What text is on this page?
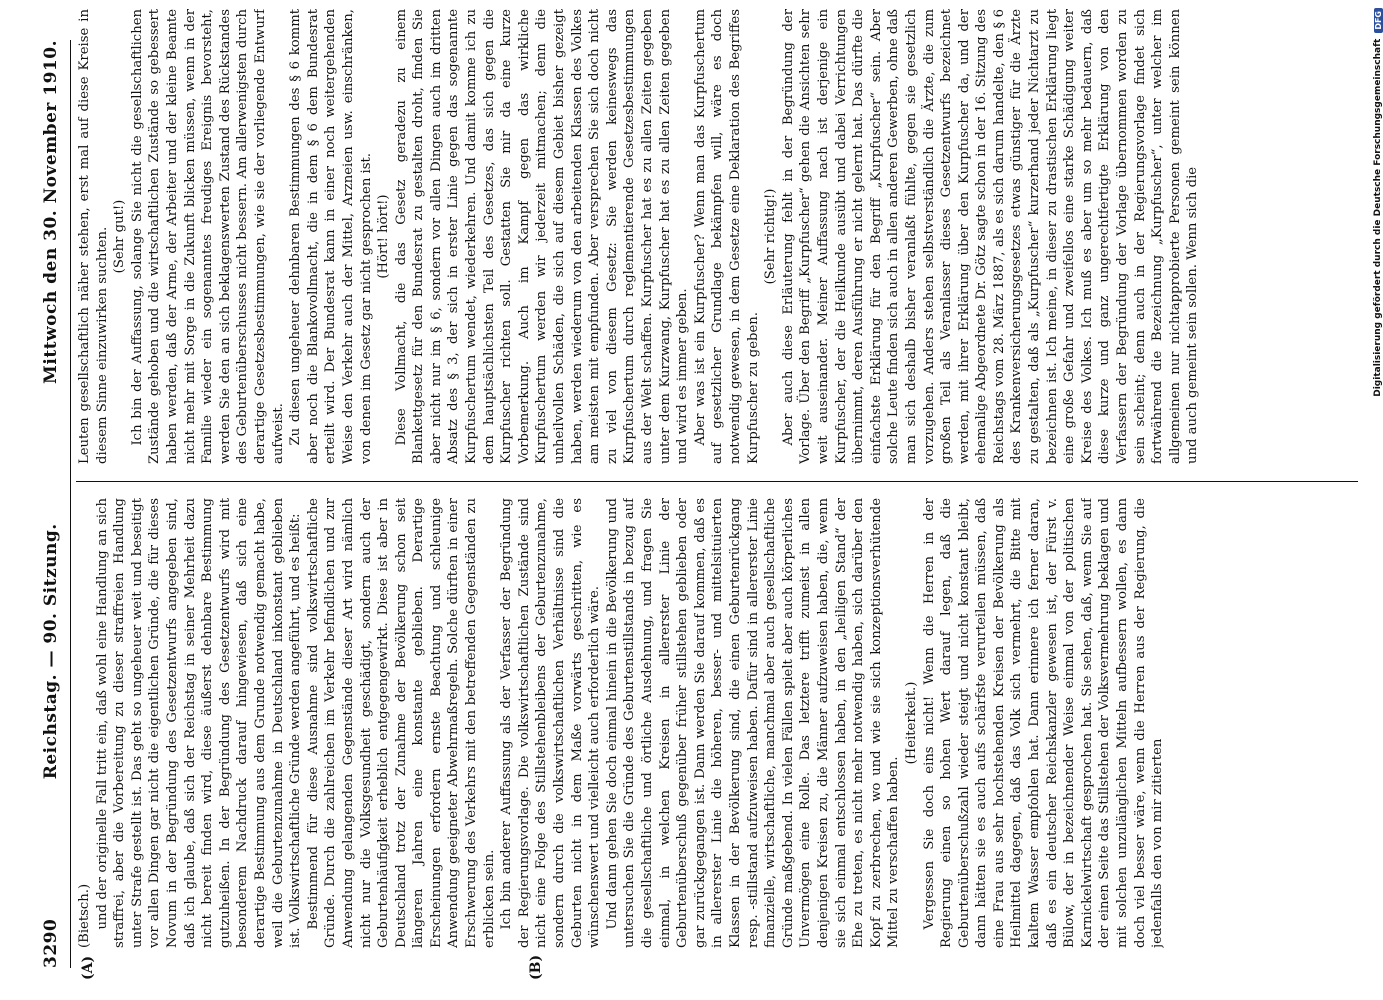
3290
Reichstag. — 90. Sitzung.
Mittwoch den 30. November 1910.
(A)	(B)
(Bietsch.) und der originelle Fall tritt ein, daß wohl eine Handlung an sich straffrei, aber die Vorbereitung zu dieser straffreien Handlung unter Strafe gestellt ist. Das geht so ungeheuer weit und beseitigt vor allen Dingen gar nicht die eigentlichen Gründe, die für dieses Novum in der Begründung des Gesetzentwurfs angegeben sind, daß ich glaube, daß sich der Reichstag in seiner Mehrheit dazu nicht bereit finden wird, diese äußerst dehnbare Bestimmung gutzuheißen. In der Begründung des Gesetzentwurfs wird mit besonderem Nachdruck darauf hingewiesen, daß sich eine derartige Bestimmung aus dem Grunde notwendig gemacht habe, weil die Geburtenzunahme in Deutschland inkonstant geblieben ist. Volkswirtschaftliche Gründe werden angeführt, und es heißt: Bestimmend für diese Ausnahme sind volkswirtschaftliche Gründe. Durch die zahlreichen im Verkehr befindlichen und zur Anwendung gelangenden Gegenstände dieser Art wird nämlich nicht nur die Volksgesundheit geschädigt, sondern auch der Geburtenhäufigkeit erheblich entgegengewirkt. Diese ist aber in Deutschland trotz der Zunahme der Bevölkerung schon seit längeren Jahren eine konstante geblieben. Derartige Erscheinungen erfordern ernste Beachtung und schleunige Anwendung geeigneter Abwehrmaßregeln. Solche dürften in einer Erschwerung des Verkehrs mit den betreffenden Gegenständen zu erblicken sein. Ich bin anderer Auffassung als der Verfasser der Begründung der Regierungsvorlage. Die volkswirtschaftlichen Zustände sind nicht eine Folge des Stillstehenbleibens der Geburtenzunahme, sondern durch die volkswirtschaftlichen Verhältnisse sind die Geburten nicht in dem Maße vorwärts geschritten, wie es wünschenswert und vielleicht auch erforderlich wäre. Und dann gehen Sie doch einmal hinein in die Bevölkerung und untersuchen Sie die Gründe des Geburtenstillstands in bezug auf die gesellschaftliche und örtliche Ausdehnung, und fragen Sie einmal, in welchen Kreisen in allererster Linie der Geburtenüberschuß gegenüber früher stillstehen geblieben oder gar zurückgegangen ist. Dann werden Sie darauf kommen, daß es in allererster Linie die höheren, besser- und mittelsituierten Klassen in der Bevölkerung sind, die einen Geburtenrückgang resp. -stillstand aufzuweisen haben. Dafür sind in allererster Linie finanzielle, wirtschaftliche, manchmal aber auch gesellschaftliche Gründe maßgebend. In vielen Fällen spielt aber auch körperliches Unvermögen eine Rolle. Das letztere trifft zumeist in allen denjenigen Kreisen zu, die Männer aufzuweisen haben, die, wenn sie sich einmal entschlossen haben, in den „heiligen Stand“ der Ehe zu treten, es nicht mehr notwendig haben, sich darüber den Kopf zu zerbrechen, wo und wie sie sich konzeptionsverhütende Mittel zu verschaffen haben.

(Heiterkeit.) Vergessen Sie doch eins nicht! Wenn die Herren in der Regierung einen so hohen Wert darauf legen, daß die Geburtenüberschußzahl wieder steigt und nicht konstant bleibt, dann hätten sie es auch aufs schärfste verurteilen müssen, daß eine Frau aus sehr hochstehenden Kreisen der Bevölkerung als Heilmittel dagegen, daß das Volk sich vermehrt, die Bitte mit kaltem Wasser empfohlen hat. Dann erinnere ich ferner daran, daß es ein deutscher Reichskanzler gewesen ist, der Fürst v. Bülow, der in bezeichnender Weise einmal von der politischen Karnickelwirtschaft gesprochen hat. Sie sehen, daß, wenn Sie auf der einen Seite das Stillstehen der Volksvermehrung beklagen und mit solchen unzulänglichen Mitteln aufbessern wollen, es dann doch viel besser wäre, wenn die Herren aus der Regierung, die jedenfalls den von mir zitierten

Leuten gesellschaftlich näher stehen, erst mal auf diese Kreise in diesem Sinne einzuwirken suchten. (Sehr gut!) Ich bin der Auffassung, solange Sie nicht die gesellschaftlichen Zustände gehoben und die wirtschaftlichen Zustände so gebessert haben werden, daß der Arme, der Arbeiter und der kleine Beamte nicht mehr mit Sorge in die Zukunft blicken müssen, wenn in der Familie wieder ein sogenanntes freudiges Ereignis bevorsteht, werden Sie den an sich beklagenswerten Zustand des Rückstandes des Geburtenüberschusses nicht bessern. Am allerwenigsten durch derartige Gesetzesbestimmungen, wie sie der vorliegende Entwurf aufweist. Zu diesen ungeheuer dehnbaren Bestimmungen des § 6 kommt aber noch die Blankovollmacht, die in dem § 6 dem Bundesrat erteilt wird. Der Bundesrat kann in einer noch weitergehenden Weise den Verkehr auch der Mittel, Arzneien usw. einschränken, von denen im Gesetz gar nicht gesprochen ist. (Hört! hört!) Diese Vollmacht, die das Gesetz geradezu zu einem Blankettgesetz für den Bundesrat zu gestalten droht, finden Sie aber nicht nur im § 6, sondern vor allen Dingen auch im dritten Absatz des § 3, der sich in erster Linie gegen das sogenannte Kurpfuschertum wendet, wiederkehren. Und damit komme ich zu dem hauptsächlichsten Teil des Gesetzes, das sich gegen die Kurpfuscher richten soll. Gestatten Sie mir da eine kurze Vorbemerkung. Auch im Kampf gegen das wirkliche Kurpfuschertum werden wir jederzeit mitmachen; denn die unheilvollen Schäden, die sich auf diesem Gebiet bisher gezeigt haben, werden wiederum von den arbeitenden Klassen des Volkes am meisten mit empfunden. Aber versprechen Sie sich doch nicht zu viel von diesem Gesetz: Sie werden keineswegs das Kurpfuschertum durch reglementierende Gesetzesbestimmungen aus der Welt schaffen. Kurpfuscher hat es zu allen Zeiten gegeben unter dem Kurzwang, Kurpfuscher hat es zu allen Zeiten gegeben und wird es immer geben. Aber was ist ein Kurpfuscher? Wenn man das Kurpfuschertum auf gesetzlicher Grundlage bekämpfen will, wäre es doch notwendig gewesen, in dem Gesetze eine Deklaration des Begriffes Kurpfuscher zu geben.

(Sehr richtig!) Aber auch diese Erläuterung fehlt in der Begründung der Vorlage. Über den Begriff „Kurpfuscher“ gehen die Ansichten sehr weit auseinander. Meiner Auffassung nach ist derjenige ein Kurpfuscher, der die Heilkunde ausübt und dabei Verrichtungen übernimmt, deren Ausführung er nicht gelernt hat. Das dürfte die einfachste Erklärung für den Begriff „Kurpfuscher“ sein. Aber solche Leute finden sich auch in allen anderen Gewerben, ohne daß man sich deshalb bisher veranlaßt fühlte, gegen sie gesetzlich vorzugehen. Anders stehen selbstverständlich die Ärzte, die zum großen Teil als Veranlasser dieses Gesetzentwurfs bezeichnet werden, mit ihrer Erklärung über den Kurpfuscher da, und der ehemalige Abgeordnete Dr. Götz sagte schon in der 16. Sitzung des Reichstags vom 28. März 1887, als es sich darum handelte, den § 6 des Krankenversicherungsgesetzes etwas günstiger für die Ärzte zu gestalten, daß als „Kurpfuscher“ kurzerhand jeder Nichtarzt zu bezeichnen ist. Ich meine, in dieser zu drastischen Erklärung liegt eine große Gefahr und zweifellos eine starke Schädigung weiter Kreise des Volkes. Ich muß es aber um so mehr bedauern, daß diese kurze und ganz ungerechtfertigte Erklärung von den Verfassern der Begründung der Vorlage übernommen worden zu sein scheint; denn auch in der Regierungsvorlage findet sich fortwährend die Bezeichnung „Kurpfuscher“, unter welcher im allgemeinen nur nichtapprobierte Personen gemeint sein können und auch gemeint sein sollen. Wenn sich die	Digitalisierung gefördert durch die Deutsche Forschungsgemeinschaft
DFG
